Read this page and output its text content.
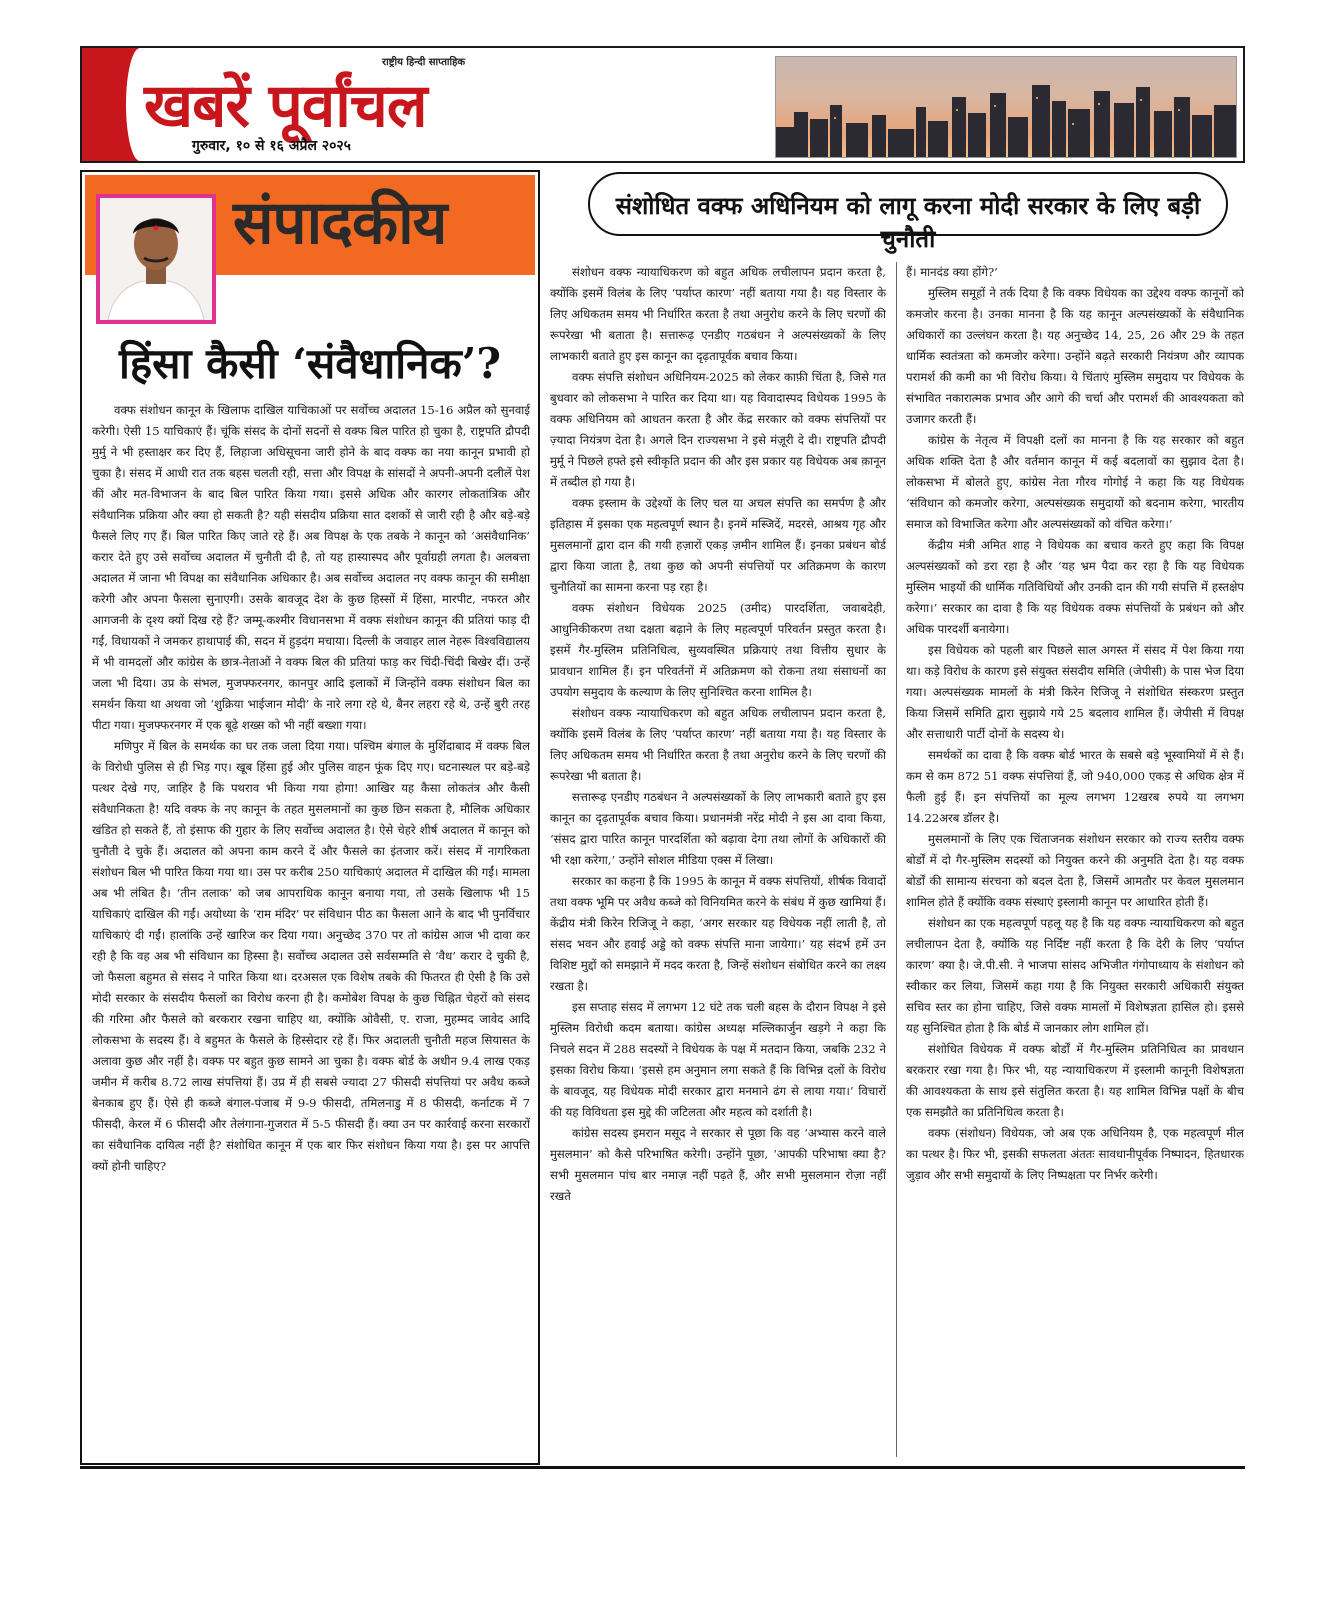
२
राष्ट्रीय हिन्दी साप्ताहिक
खबरें पूर्वांचल
गुरुवार, १० से १६ अप्रैल २०२५
संपादकीय
हिंसा कैसी ‘संवैधानिक’?

वक्फ संशोधन कानून के खिलाफ दाखिल याचिकाओं पर सर्वोच्च अदालत 15-16 अप्रैल को सुनवाई करेगी। ऐसी 15 याचिकाएं हैं। चूंकि संसद के दोनों सदनों से वक्फ बिल पारित हो चुका है, राष्ट्रपति द्रौपदी मुर्मु ने भी हस्ताक्षर कर दिए हैं, लिहाजा अधिसूचना जारी होने के बाद वक्फ का नया कानून प्रभावी हो चुका है। संसद में आधी रात तक बहस चलती रही, सत्ता और विपक्ष के सांसदों ने अपनी-अपनी दलीलें पेश कीं और मत-विभाजन के बाद बिल पारित किया गया। इससे अधिक और कारगर लोकतांत्रिक और संवैधानिक प्रक्रिया और क्या हो सकती है? यही संसदीय प्रक्रिया सात दशकों से जारी रही है और बड़े-बड़े फैसले लिए गए हैं। बिल पारित किए जाते रहे हैं। अब विपक्ष के एक तबके ने कानून को ‘असंवैधानिक’ करार देते हुए उसे सर्वोच्च अदालत में चुनौती दी है, तो यह हास्यास्पद और पूर्वाग्रही लगता है। अलबत्ता अदालत में जाना भी विपक्ष का संवैधानिक अधिकार है। अब सर्वोच्च अदालत नए वक्फ कानून की समीक्षा करेगी और अपना फैसला सुनाएगी। उसके बावजूद देश के कुछ हिस्सों में हिंसा, मारपीट, नफरत और आगजनी के दृश्य क्यों दिख रहे हैं? जम्मू-कश्मीर विधानसभा में वक्फ संशोधन कानून की प्रतियां फाड़ दी गईं, विधायकों ने जमकर हाथापाई की, सदन में हुड़दंग मचाया। दिल्ली के जवाहर लाल नेहरू विश्वविद्यालय में भी वामदलों और कांग्रेस के छात्र-नेताओं ने वक्फ बिल की प्रतियां फाड़ कर चिंदी-चिंदी बिखेर दीं। उन्हें जला भी दिया। उप्र के संभल, मुजफ्फरनगर, कानपुर आदि इलाकों में जिन्होंने वक्फ संशोधन बिल का समर्थन किया था अथवा जो ‘शुक्रिया भाईजान मोदी’ के नारे लगा रहे थे, बैनर लहरा रहे थे, उन्हें बुरी तरह पीटा गया। मुजफ्फरनगर में एक बूढ़े शख्स को भी नहीं बख्शा गया।

मणिपुर में बिल के समर्थक का घर तक जला दिया गया। पश्चिम बंगाल के मुर्शिदाबाद में वक्फ बिल के विरोधी पुलिस से ही भिड़ गए। खूब हिंसा हुई और पुलिस वाहन फूंक दिए गए। घटनास्थल पर बड़े-बड़े पत्थर देखे गए, जाहिर है कि पथराव भी किया गया होगा! आखिर यह कैसा लोकतंत्र और कैसी संवैधानिकता है! यदि वक्फ के नए कानून के तहत मुसलमानों का कुछ छिन सकता है, मौलिक अधिकार खंडित हो सकते हैं, तो इंसाफ की गुहार के लिए सर्वोच्च अदालत है। ऐसे चेहरे शीर्ष अदालत में कानून को चुनौती दे चुके हैं। अदालत को अपना काम करने दें और फैसले का इंतजार करें। संसद में नागरिकता संशोधन बिल भी पारित किया गया था। उस पर करीब 250 याचिकाएं अदालत में दाखिल की गईं। मामला अब भी लंबित है। ‘तीन तलाक’ को जब आपराधिक कानून बनाया गया, तो उसके खिलाफ भी 15 याचिकाएं दाखिल की गईं। अयोध्या के ‘राम मंदिर’ पर संविधान पीठ का फैसला आने के बाद भी पुनर्विचार याचिकाएं दी गईं। हालांकि उन्हें खारिज कर दिया गया। अनुच्छेद 370 पर तो कांग्रेस आज भी दावा कर रही है कि वह अब भी संविधान का हिस्सा है। सर्वोच्च अदालत उसे सर्वसम्मति से ‘वैध’ करार दे चुकी है, जो फैसला बहुमत से संसद ने पारित किया था। दरअसल एक विशेष तबके की फितरत ही ऐसी है कि उसे मोदी सरकार के संसदीय फैसलों का विरोध करना ही है। कमोबेश विपक्ष के कुछ चिह्नित चेहरों को संसद की गरिमा और फैसले को बरकरार रखना चाहिए था, क्योंकि ओवैसी, ए. राजा, मुहम्मद जावेद आदि लोकसभा के सदस्य हैं। वे बहुमत के फैसले के हिस्सेदार रहे हैं। फिर अदालती चुनौती महज सियासत के अलावा कुछ और नहीं है। वक्फ पर बहुत कुछ सामने आ चुका है। वक्फ बोर्ड के अधीन 9.4 लाख एकड़ जमीन में करीब 8.72 लाख संपत्तियां हैं। उप्र में ही सबसे ज्यादा 27 फीसदी संपत्तियां पर अवैध कब्जे बेनकाब हुए हैं। ऐसे ही कब्जे बंगाल-पंजाब में 9-9 फीसदी, तमिलनाडु में 8 फीसदी, कर्नाटक में 7 फीसदी, केरल में 6 फीसदी और तेलंगाना-गुजरात में 5-5 फीसदी हैं। क्या उन पर कार्रवाई करना सरकारों का संवैधानिक दायित्व नहीं है? संशोधित कानून में एक बार फिर संशोधन किया गया है। इस पर आपत्ति क्यों होनी चाहिए?

संशोधित वक्फ अधिनियम को लागू करना मोदी सरकार के लिए बड़ी चुनौती

संशोधन वक्फ न्यायाधिकरण को बहुत अधिक लचीलापन प्रदान करता है, क्योंकि इसमें विलंब के लिए ‘पर्याप्त कारण’ नहीं बताया गया है। यह विस्तार के लिए अधिकतम समय भी निर्धारित करता है तथा अनुरोध करने के लिए चरणों की रूपरेखा भी बताता है। सत्तारूढ़ एनडीए गठबंधन ने अल्पसंख्यकों के लिए लाभकारी बताते हुए इस कानून का दृढ़तापूर्वक बचाव किया।

वक्फ संपत्ति संशोधन अधिनियम-2025 को लेकर काफ़ी चिंता है, जिसे गत बुधवार को लोकसभा ने पारित कर दिया था। यह विवादास्पद विधेयक 1995 के वक्फ अधिनियम को आधतन करता है और केंद्र सरकार को वक्फ संपत्तियों पर ज़्यादा नियंत्रण देता है। अगले दिन राज्यसभा ने इसे मंज़ूरी दे दी। राष्ट्रपति द्रौपदी मुर्मू ने पिछले हफ्ते इसे स्वीकृति प्रदान की और इस प्रकार यह विधेयक अब क़ानून में तब्दील हो गया है।

वक्फ इस्लाम के उद्देश्यों के लिए चल या अचल संपत्ति का समर्पण है और इतिहास में इसका एक महत्वपूर्ण स्थान है। इनमें मस्जिदें, मदरसे, आश्रय गृह और मुसलमानों द्वारा दान की गयी हज़ारों एकड़ ज़मीन शामिल हैं। इनका प्रबंधन बोर्ड द्वारा किया जाता है, तथा कुछ को अपनी संपत्तियों पर अतिक्रमण के कारण चुनौतियों का सामना करना पड़ रहा है।

वक्फ संशोधन विधेयक 2025 (उमीद) पारदर्शिता, जवाबदेही, आधुनिकीकरण तथा दक्षता बढ़ाने के लिए महत्वपूर्ण परिवर्तन प्रस्तुत करता है। इसमें गैर-मुस्लिम प्रतिनिधित्व, सुव्यवस्थित प्रक्रियाएं तथा वित्तीय सुधार के प्रावधान शामिल हैं। इन परिवर्तनों में अतिक्रमण को रोकना तथा संसाधनों का उपयोग समुदाय के कल्याण के लिए सुनिश्चित करना शामिल है।

संशोधन वक्फ न्यायाधिकरण को बहुत अधिक लचीलापन प्रदान करता है, क्योंकि इसमें विलंब के लिए ‘पर्याप्त कारण’ नहीं बताया गया है। यह विस्तार के लिए अधिकतम समय भी निर्धारित करता है तथा अनुरोध करने के लिए चरणों की रूपरेखा भी बताता है।

सत्तारूढ़ एनडीए गठबंधन ने अल्पसंख्यकों के लिए लाभकारी बताते हुए इस कानून का दृढ़तापूर्वक बचाव किया। प्रधानमंत्री नरेंद्र मोदी ने इस आ दावा किया, ‘संसद द्वारा पारित कानून पारदर्शिता को बढ़ावा देगा तथा लोगों के अधिकारों की भी रक्षा करेगा,’ उन्होंने सोशल मीडिया एक्स में लिखा।

सरकार का कहना है कि 1995 के कानून में वक्फ संपत्तियों, शीर्षक विवादों तथा वक्फ भूमि पर अवैध कब्जे को विनियमित करने के संबंध में कुछ खामियां हैं। केंद्रीय मंत्री किरेन रिजिजू ने कहा, ‘अगर सरकार यह विधेयक नहीं लाती है, तो संसद भवन और हवाई अड्डे को वक्फ संपत्ति माना जायेगा।’ यह संदर्भ हमें उन विशिष्ट मुद्दों को समझाने में मदद करता है, जिन्हें संशोधन संबोधित करने का लक्ष्य रखता है।

इस सप्ताह संसद में लगभग 12 घंटे तक चली बहस के दौरान विपक्ष ने इसे मुस्लिम विरोधी कदम बताया। कांग्रेस अध्यक्ष मल्लिकार्जुन खड़गे ने कहा कि निचले सदन में 288 सदस्यों ने विधेयक के पक्ष में मतदान किया, जबकि 232 ने इसका विरोध किया। ‘इससे हम अनुमान लगा सकते हैं कि विभिन्न दलों के विरोध के बावजूद, यह विधेयक मोदी सरकार द्वारा मनमाने ढंग से लाया गया।’ विचारों की यह विविधता इस मुद्दे की जटिलता और महत्व को दर्शाती है।

कांग्रेस सदस्य इमरान मसूद ने सरकार से पूछा कि वह ‘अभ्यास करने वाले मुसलमान’ को कैसे परिभाषित करेगी। उन्होंने पूछा, ‘आपकी परिभाषा क्या है? सभी मुसलमान पांच बार नमाज़ नहीं पढ़ते हैं, और सभी मुसलमान रोज़ा नहीं रखते

हैं। मानदंड क्या होंगे?’

मुस्लिम समूहों ने तर्क दिया है कि वक्फ विधेयक का उद्देश्य वक्फ कानूनों को कमजोर करना है। उनका मानना है कि यह कानून अल्पसंख्यकों के संवैधानिक अधिकारों का उल्लंघन करता है। यह अनुच्छेद 14, 25, 26 और 29 के तहत धार्मिक स्वतंत्रता को कमजोर करेगा। उन्होंने बढ़ते सरकारी नियंत्रण और व्यापक परामर्श की कमी का भी विरोध किया। ये चिंताएं मुस्लिम समुदाय पर विधेयक के संभावित नकारात्मक प्रभाव और आगे की चर्चा और परामर्श की आवश्यकता को उजागर करती हैं।

कांग्रेस के नेतृत्व में विपक्षी दलों का मानना है कि यह सरकार को बहुत अधिक शक्ति देता है और वर्तमान कानून में कई बदलावों का सुझाव देता है। लोकसभा में बोलते हुए, कांग्रेस नेता गौरव गोगोई ने कहा कि यह विधेयक ‘संविधान को कमजोर करेगा, अल्पसंख्यक समुदायों को बदनाम करेगा, भारतीय समाज को विभाजित करेगा और अल्पसंख्यकों को वंचित करेगा।’

केंद्रीय मंत्री अमित शाह ने विधेयक का बचाव करते हुए कहा कि विपक्ष अल्पसंख्यकों को डरा रहा है और ‘यह भ्रम पैदा कर रहा है कि यह विधेयक मुस्लिम भाइयों की धार्मिक गतिविधियों और उनकी दान की गयी संपत्ति में हस्तक्षेप करेगा।’ सरकार का दावा है कि यह विधेयक वक्फ संपत्तियों के प्रबंधन को और अधिक पारदर्शी बनायेगा।

इस विधेयक को पहली बार पिछले साल अगस्त में संसद में पेश किया गया था। कड़े विरोध के कारण इसे संयुक्त संसदीय समिति (जेपीसी) के पास भेज दिया गया। अल्पसंख्यक मामलों के मंत्री किरेन रिजिजू ने संशोधित संस्करण प्रस्तुत किया जिसमें समिति द्वारा सुझाये गये 25 बदलाव शामिल हैं। जेपीसी में विपक्ष और सत्ताधारी पार्टी दोनों के सदस्य थे।

समर्थकों का दावा है कि वक्फ बोर्ड भारत के सबसे बड़े भूस्वामियों में से हैं। कम से कम 872 51 वक्फ संपत्तियां हैं, जो 940,000 एकड़ से अधिक क्षेत्र में फैली हुई हैं। इन संपत्तियों का मूल्य लगभग 12खरब रुपये या लगभग 14.22अरब डॉलर है।

मुसलमानों के लिए एक चिंताजनक संशोधन सरकार को राज्य स्तरीय वक्फ बोर्डों में दो गैर-मुस्लिम सदस्यों को नियुक्त करने की अनुमति देता है। यह वक्फ बोर्डों की सामान्य संरचना को बदल देता है, जिसमें आमतौर पर केवल मुसलमान शामिल होते हैं क्योंकि वक्फ संस्थाएं इस्लामी कानून पर आधारित होती हैं।

संशोधन का एक महत्वपूर्ण पहलू यह है कि यह वक्फ न्यायाधिकरण को बहुत लचीलापन देता है, क्योंकि यह निर्दिष्ट नहीं करता है कि देरी के लिए ‘पर्याप्त कारण’ क्या है। जे.पी.सी. ने भाजपा सांसद अभिजीत गंगोपाध्याय के संशोधन को स्वीकार कर लिया, जिसमें कहा गया है कि नियुक्त सरकारी अधिकारी संयुक्त सचिव स्तर का होना चाहिए, जिसे वक्फ मामलों में विशेषज्ञता हासिल हो। इससे यह सुनिश्चित होता है कि बोर्ड में जानकार लोग शामिल हों।

संशोधित विधेयक में वक्फ बोर्डों में गैर-मुस्लिम प्रतिनिधित्व का प्रावधान बरकरार रखा गया है। फिर भी, यह न्यायाधिकरण में इस्लामी कानूनी विशेषज्ञता की आवश्यकता के साथ इसे संतुलित करता है। यह शामिल विभिन्न पक्षों के बीच एक समझौते का प्रतिनिधित्व करता है।

वक्फ (संशोधन) विधेयक, जो अब एक अधिनियम है, एक महत्वपूर्ण मील का पत्थर है। फिर भी, इसकी सफलता अंततः सावधानीपूर्वक निष्पादन, हितधारक जुड़ाव और सभी समुदायों के लिए निष्पक्षता पर निर्भर करेगी।
